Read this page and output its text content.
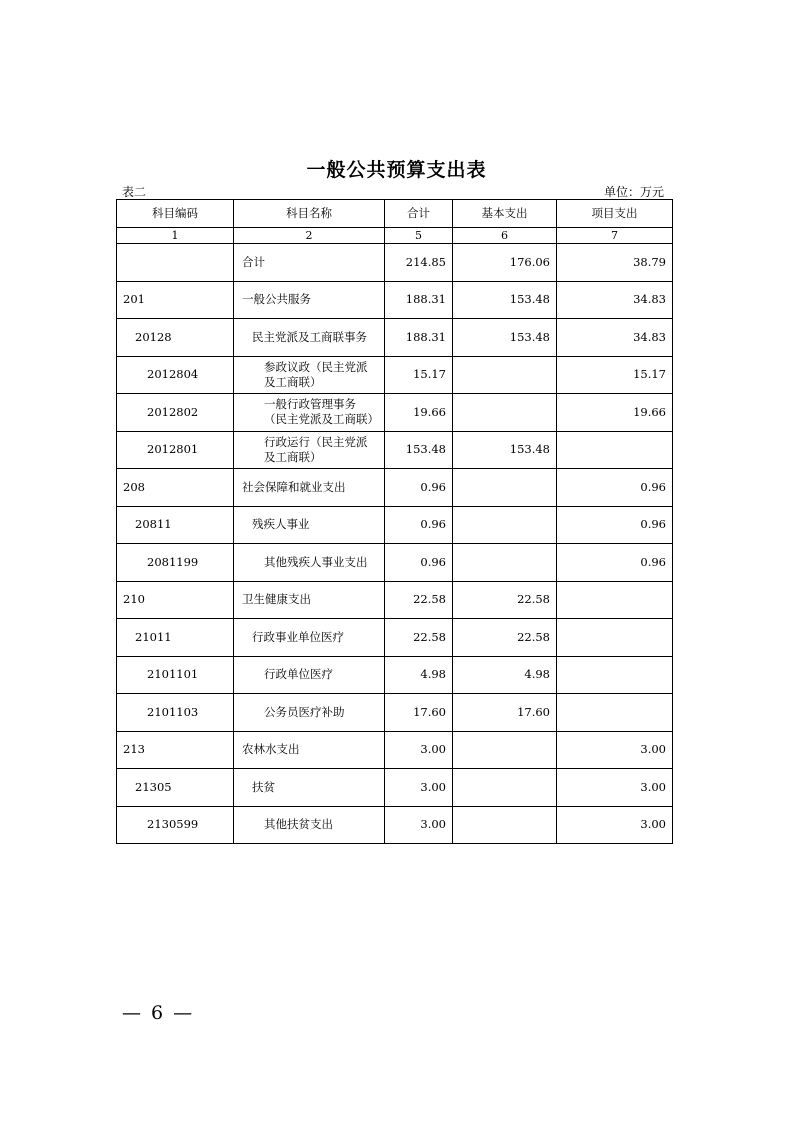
一般公共预算支出表
表二	单位：万元
科目编码	科目名称	合计	基本支出	项目支出
1	2	5	6	7
	合计	214.85	176.06	38.79
201	一般公共服务	188.31	153.48	34.83
20128	民主党派及工商联事务	188.31	153.48	34.83
2012804	参政议政（民主党派及工商联）	15.17		15.17
2012802	一般行政管理事务（民主党派及工商联）	19.66		19.66
2012801	行政运行（民主党派及工商联）	153.48	153.48	
208	社会保障和就业支出	0.96		0.96
20811	残疾人事业	0.96		0.96
2081199	其他残疾人事业支出	0.96		0.96
210	卫生健康支出	22.58	22.58	
21011	行政事业单位医疗	22.58	22.58	
2101101	行政单位医疗	4.98	4.98	
2101103	公务员医疗补助	17.60	17.60	
213	农林水支出	3.00		3.00
21305	扶贫	3.00		3.00
2130599	其他扶贫支出	3.00		3.00
— 6 —
